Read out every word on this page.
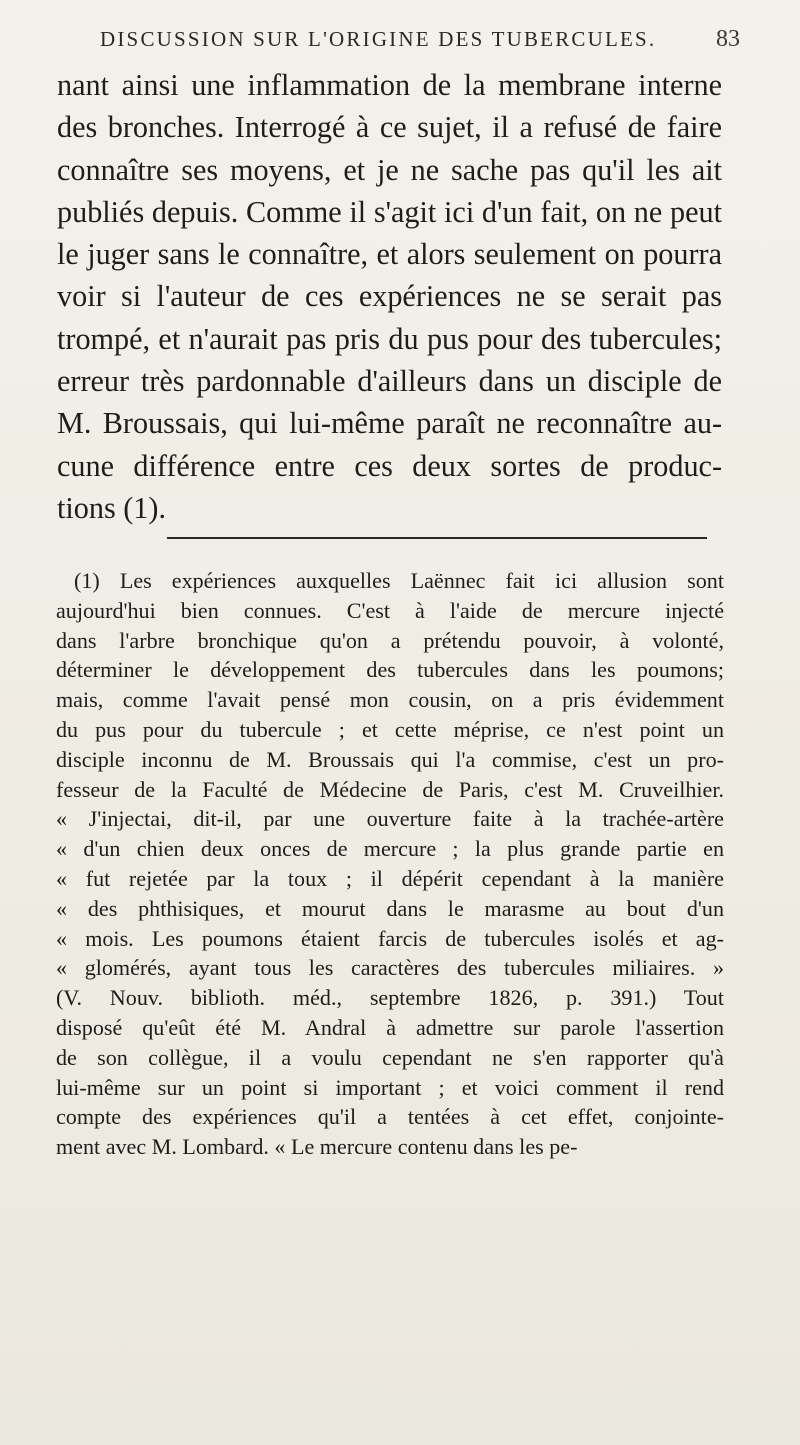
DISCUSSION SUR L'ORIGINE DES TUBERCULES. 83
nant ainsi une inflammation de la membrane interne
des bronches. Interrogé à ce sujet, il a refusé de faire
connaître ses moyens, et je ne sache pas qu'il les ait
publiés depuis. Comme il s'agit ici d'un fait, on ne peut
le juger sans le connaître, et alors seulement on pourra
voir si l'auteur de ces expériences ne se serait pas
trompé, et n'aurait pas pris du pus pour des tubercules;
erreur très pardonnable d'ailleurs dans un disciple de
M. Broussais, qui lui-même paraît ne reconnaître au-
cune différence entre ces deux sortes de produc-
tions (1).
(1) Les expériences auxquelles Laënnec fait ici allusion sont
aujourd'hui bien connues. C'est à l'aide de mercure injecté
dans l'arbre bronchique qu'on a prétendu pouvoir, à volonté,
déterminer le développement des tubercules dans les poumons;
mais, comme l'avait pensé mon cousin, on a pris évidemment
du pus pour du tubercule ; et cette méprise, ce n'est point un
disciple inconnu de M. Broussais qui l'a commise, c'est un pro-
fesseur de la Faculté de Médecine de Paris, c'est M. Cruveilhier.
« J'injectai, dit-il, par une ouverture faite à la trachée-artère
« d'un chien deux onces de mercure ; la plus grande partie en
« fut rejetée par la toux ; il dépérit cependant à la manière
« des phthisiques, et mourut dans le marasme au bout d'un
« mois. Les poumons étaient farcis de tubercules isolés et ag-
« glomérés, ayant tous les caractères des tubercules miliaires. »
(V. Nouv. biblioth. méd., septembre 1826, p. 391.) Tout
disposé qu'eût été M. Andral à admettre sur parole l'assertion
de son collègue, il a voulu cependant ne s'en rapporter qu'à
lui-même sur un point si important ; et voici comment il rend
compte des expériences qu'il a tentées à cet effet, conjointe-
ment avec M. Lombard. « Le mercure contenu dans les pe-
